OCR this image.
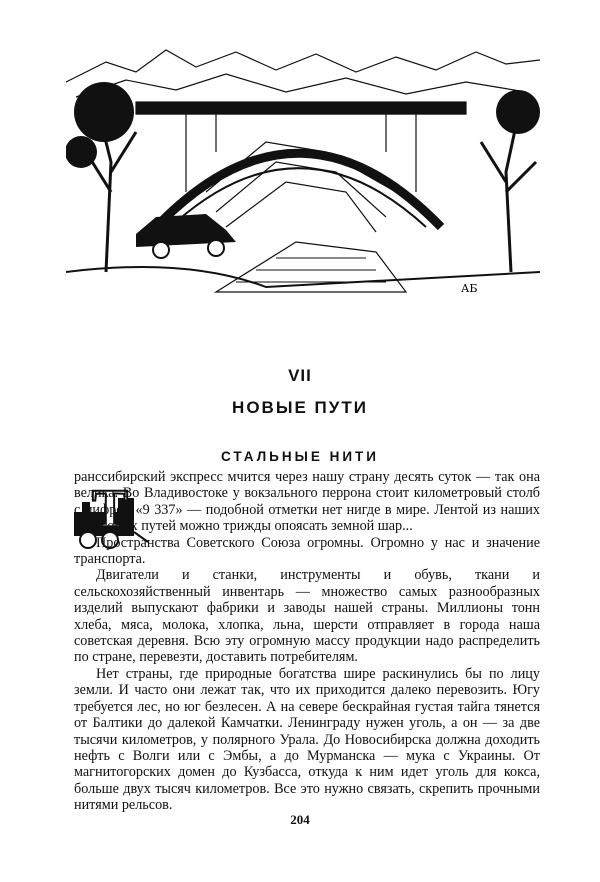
АБ
VII
НОВЫЕ ПУТИ
СТАЛЬНЫЕ НИТИ
Т

ранссибирский экспресс мчится через нашу страну десять суток — так она велика. Во Владивостоке у вокзального перрона стоит километровый столб с цифрой «9 337» — подобной отметки нет нигде в мире. Лентой из наших рельсовых путей можно трижды опоясать земной шар...

Пространства Советского Союза огромны. Огромно у нас и значение транспорта.

Двигатели и станки, инструменты и обувь, ткани и сельскохозяйственный инвентарь — множество самых разнообразных изделий выпускают фабрики и заводы нашей страны. Миллионы тонн хлеба, мяса, молока, хлопка, льна, шерсти отправляет в города наша советская деревня. Всю эту огромную массу продукции надо распределить по стране, перевезти, доставить потребителям.

Нет страны, где природные богатства шире раскинулись бы по лицу земли. И часто они лежат так, что их приходится далеко перевозить. Югу требуется лес, но юг безлесен. А на севере бескрайная густая тайга тянется от Балтики до далекой Камчатки. Ленинграду нужен уголь, а он — за две тысячи километров, у полярного Урала. До Новосибирска должна доходить нефть с Волги или с Эмбы, а до Мурманска — мука с Украины. От магнитогорских домен до Кузбасса, откуда к ним идет уголь для кокса, больше двух тысяч километров. Все это нужно связать, скрепить прочными нитями рельсов.

204
